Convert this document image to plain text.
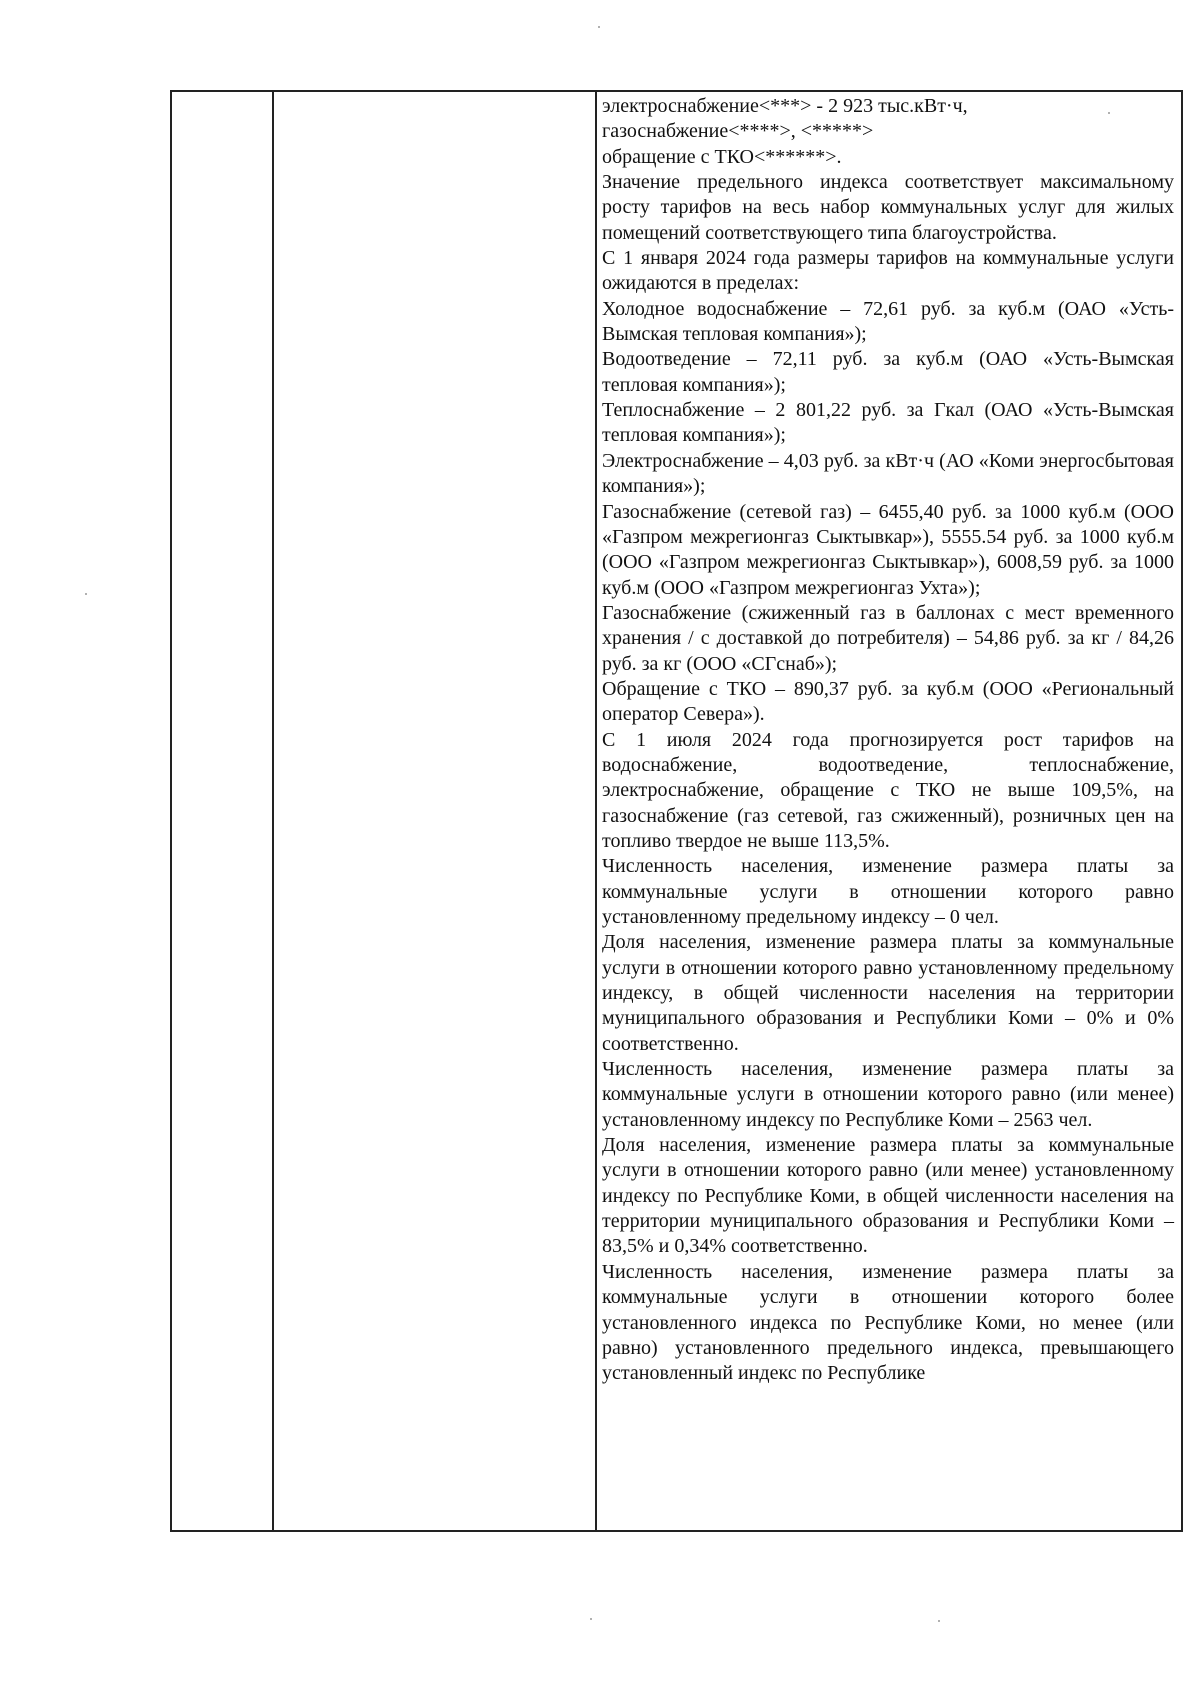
электроснабжение<***> - 2 923 тыс.кВт·ч,

газоснабжение<****>, <*****>

обращение с ТКО<******>.

Значение предельного индекса соответствует максимальному росту тарифов на весь набор коммунальных услуг для жилых помещений соответствующего типа благоустройства.

С 1 января 2024 года размеры тарифов на коммунальные услуги ожидаются в пределах:

Холодное водоснабжение – 72,61 руб. за куб.м (ОАО «Усть-Вымская тепловая компания»);

Водоотведение – 72,11 руб. за куб.м (ОАО «Усть-Вымская тепловая компания»);

Теплоснабжение – 2 801,22 руб. за Гкал (ОАО «Усть-Вымская тепловая компания»);

Электроснабжение – 4,03 руб. за кВт·ч (АО «Коми энергосбытовая компания»);

Газоснабжение (сетевой газ) – 6455,40 руб. за 1000 куб.м (ООО «Газпром межрегионгаз Сыктывкар»), 5555.54 руб. за 1000 куб.м (ООО «Газпром межрегионгаз Сыктывкар»), 6008,59 руб. за 1000 куб.м (ООО «Газпром межрегионгаз Ухта»);

Газоснабжение (сжиженный газ в баллонах с мест временного хранения / с доставкой до потребителя) – 54,86 руб. за кг / 84,26 руб. за кг (ООО «СГснаб»);

Обращение с ТКО – 890,37 руб. за куб.м (ООО «Региональный оператор Севера»).

С 1 июля 2024 года прогнозируется рост тарифов на водоснабжение, водоотведение, теплоснабжение, электроснабжение, обращение с ТКО не выше 109,5%, на газоснабжение (газ сетевой, газ сжиженный), розничных цен на топливо твердое не выше 113,5%.

Численность населения, изменение размера платы за коммунальные услуги в отношении которого равно установленному предельному индексу – 0 чел.

Доля населения, изменение размера платы за коммунальные услуги в отношении которого равно установленному предельному индексу, в общей численности населения на территории муниципального образования и Республики Коми – 0% и 0% соответственно.

Численность населения, изменение размера платы за коммунальные услуги в отношении которого равно (или менее) установленному индексу по Республике Коми – 2563 чел.

Доля населения, изменение размера платы за коммунальные услуги в отношении которого равно (или менее) установленному индексу по Республике Коми, в общей численности населения на территории муниципального образования и Республики Коми – 83,5% и 0,34% соответственно.

Численность населения, изменение размера платы за коммунальные услуги в отношении которого более установленного индекса по Республике Коми, но менее (или равно) установленного предельного индекса, превышающего установленный индекс по Республике
